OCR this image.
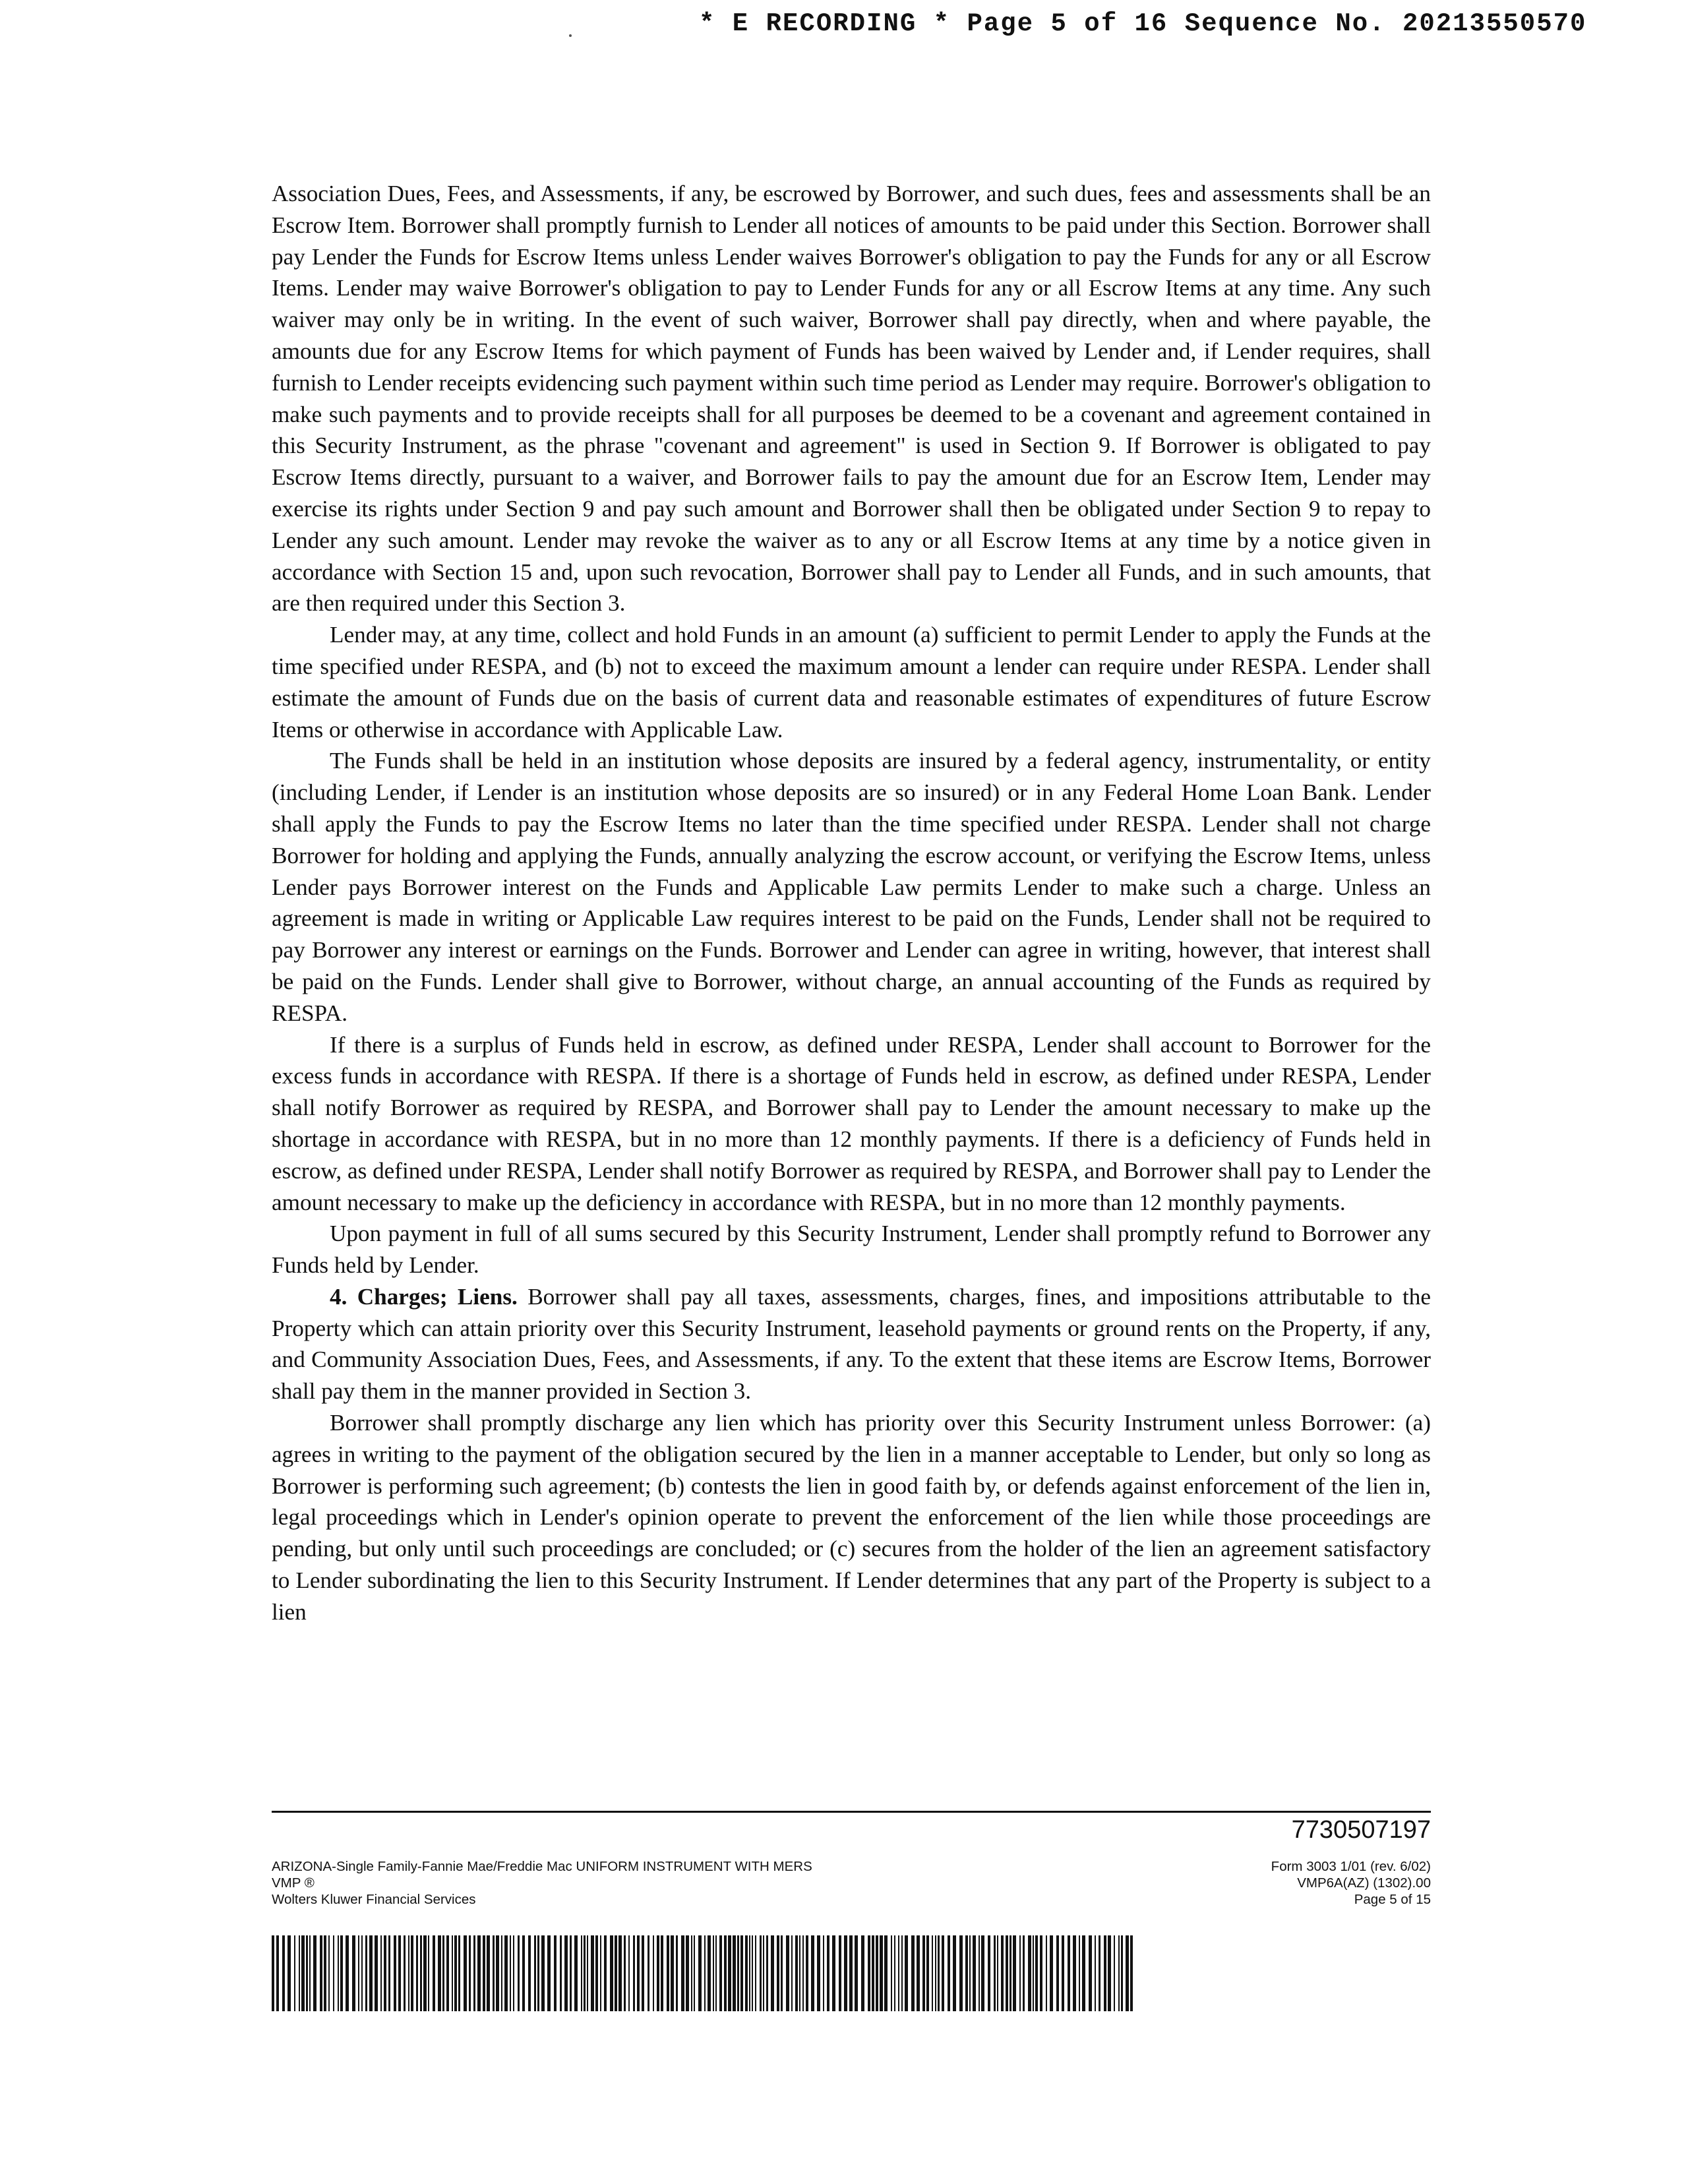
* E RECORDING * Page 5 of 16 Sequence No. 20213550570

Association Dues, Fees, and Assessments, if any, be escrowed by Borrower, and such dues, fees and assessments shall be an Escrow Item. Borrower shall promptly furnish to Lender all notices of amounts to be paid under this Section. Borrower shall pay Lender the Funds for Escrow Items unless Lender waives Borrower's obligation to pay the Funds for any or all Escrow Items. Lender may waive Borrower's obligation to pay to Lender Funds for any or all Escrow Items at any time. Any such waiver may only be in writing. In the event of such waiver, Borrower shall pay directly, when and where payable, the amounts due for any Escrow Items for which payment of Funds has been waived by Lender and, if Lender requires, shall furnish to Lender receipts evidencing such payment within such time period as Lender may require. Borrower's obligation to make such payments and to provide receipts shall for all purposes be deemed to be a covenant and agreement contained in this Security Instrument, as the phrase "covenant and agreement" is used in Section 9. If Borrower is obligated to pay Escrow Items directly, pursuant to a waiver, and Borrower fails to pay the amount due for an Escrow Item, Lender may exercise its rights under Section 9 and pay such amount and Borrower shall then be obligated under Section 9 to repay to Lender any such amount. Lender may revoke the waiver as to any or all Escrow Items at any time by a notice given in accordance with Section 15 and, upon such revocation, Borrower shall pay to Lender all Funds, and in such amounts, that are then required under this Section 3.

Lender may, at any time, collect and hold Funds in an amount (a) sufficient to permit Lender to apply the Funds at the time specified under RESPA, and (b) not to exceed the maximum amount a lender can require under RESPA. Lender shall estimate the amount of Funds due on the basis of current data and reasonable estimates of expenditures of future Escrow Items or otherwise in accordance with Applicable Law.

The Funds shall be held in an institution whose deposits are insured by a federal agency, instrumentality, or entity (including Lender, if Lender is an institution whose deposits are so insured) or in any Federal Home Loan Bank. Lender shall apply the Funds to pay the Escrow Items no later than the time specified under RESPA. Lender shall not charge Borrower for holding and applying the Funds, annually analyzing the escrow account, or verifying the Escrow Items, unless Lender pays Borrower interest on the Funds and Applicable Law permits Lender to make such a charge. Unless an agreement is made in writing or Applicable Law requires interest to be paid on the Funds, Lender shall not be required to pay Borrower any interest or earnings on the Funds. Borrower and Lender can agree in writing, however, that interest shall be paid on the Funds. Lender shall give to Borrower, without charge, an annual accounting of the Funds as required by RESPA.

If there is a surplus of Funds held in escrow, as defined under RESPA, Lender shall account to Borrower for the excess funds in accordance with RESPA. If there is a shortage of Funds held in escrow, as defined under RESPA, Lender shall notify Borrower as required by RESPA, and Borrower shall pay to Lender the amount necessary to make up the shortage in accordance with RESPA, but in no more than 12 monthly payments. If there is a deficiency of Funds held in escrow, as defined under RESPA, Lender shall notify Borrower as required by RESPA, and Borrower shall pay to Lender the amount necessary to make up the deficiency in accordance with RESPA, but in no more than 12 monthly payments.

Upon payment in full of all sums secured by this Security Instrument, Lender shall promptly refund to Borrower any Funds held by Lender.

4. Charges; Liens. Borrower shall pay all taxes, assessments, charges, fines, and impositions attributable to the Property which can attain priority over this Security Instrument, leasehold payments or ground rents on the Property, if any, and Community Association Dues, Fees, and Assessments, if any. To the extent that these items are Escrow Items, Borrower shall pay them in the manner provided in Section 3.

Borrower shall promptly discharge any lien which has priority over this Security Instrument unless Borrower: (a) agrees in writing to the payment of the obligation secured by the lien in a manner acceptable to Lender, but only so long as Borrower is performing such agreement; (b) contests the lien in good faith by, or defends against enforcement of the lien in, legal proceedings which in Lender's opinion operate to prevent the enforcement of the lien while those proceedings are pending, but only until such proceedings are concluded; or (c) secures from the holder of the lien an agreement satisfactory to Lender subordinating the lien to this Security Instrument. If Lender determines that any part of the Property is subject to a lien

7730507197
ARIZONA-Single Family-Fannie Mae/Freddie Mac UNIFORM INSTRUMENT WITH MERS
VMP ®
Wolters Kluwer Financial Services
Form 3003 1/01 (rev. 6/02)
VMP6A(AZ) (1302).00
Page 5 of 15
